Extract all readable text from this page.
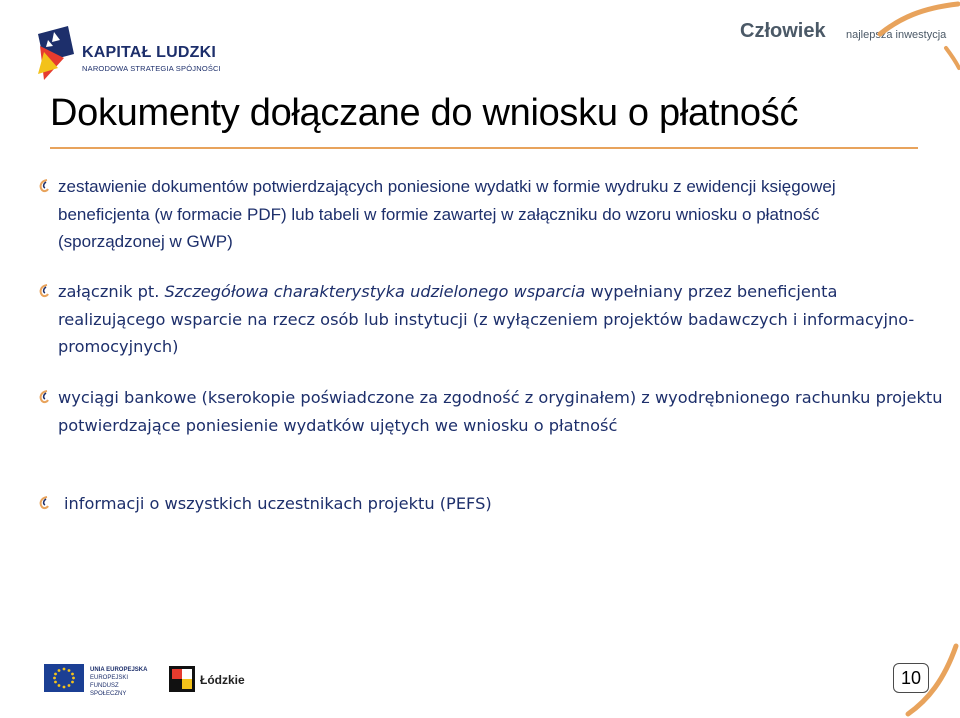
KAPITAŁ LUDZKI
NARODOWA STRATEGIA SPÓJNOŚCI
Człowiek najlepsza inwestycja
Dokumenty dołączane do wniosku o płatność
zestawienie dokumentów potwierdzających poniesione wydatki w formie wydruku z ewidencji księgowej beneficjenta (w formacie PDF) lub tabeli w formie zawartej w załączniku do wzoru wniosku o płatność (sporządzonej w GWP)
załącznik pt. Szczegółowa charakterystyka udzielonego wsparcia wypełniany przez beneficjenta realizującego wsparcie na rzecz osób lub instytucji (z wyłączeniem projektów badawczych i informacyjno-promocyjnych)
wyciągi bankowe (kserokopie poświadczone za zgodność z oryginałem) z wyodrębnionego rachunku projektu potwierdzające poniesienie wydatków ujętych we wniosku o płatność
informacji o wszystkich uczestnikach projektu (PEFS)
UNIA EUROPEJSKA
EUROPEJSKI
FUNDUSZ SPOŁECZNY
Łódzkie	10
